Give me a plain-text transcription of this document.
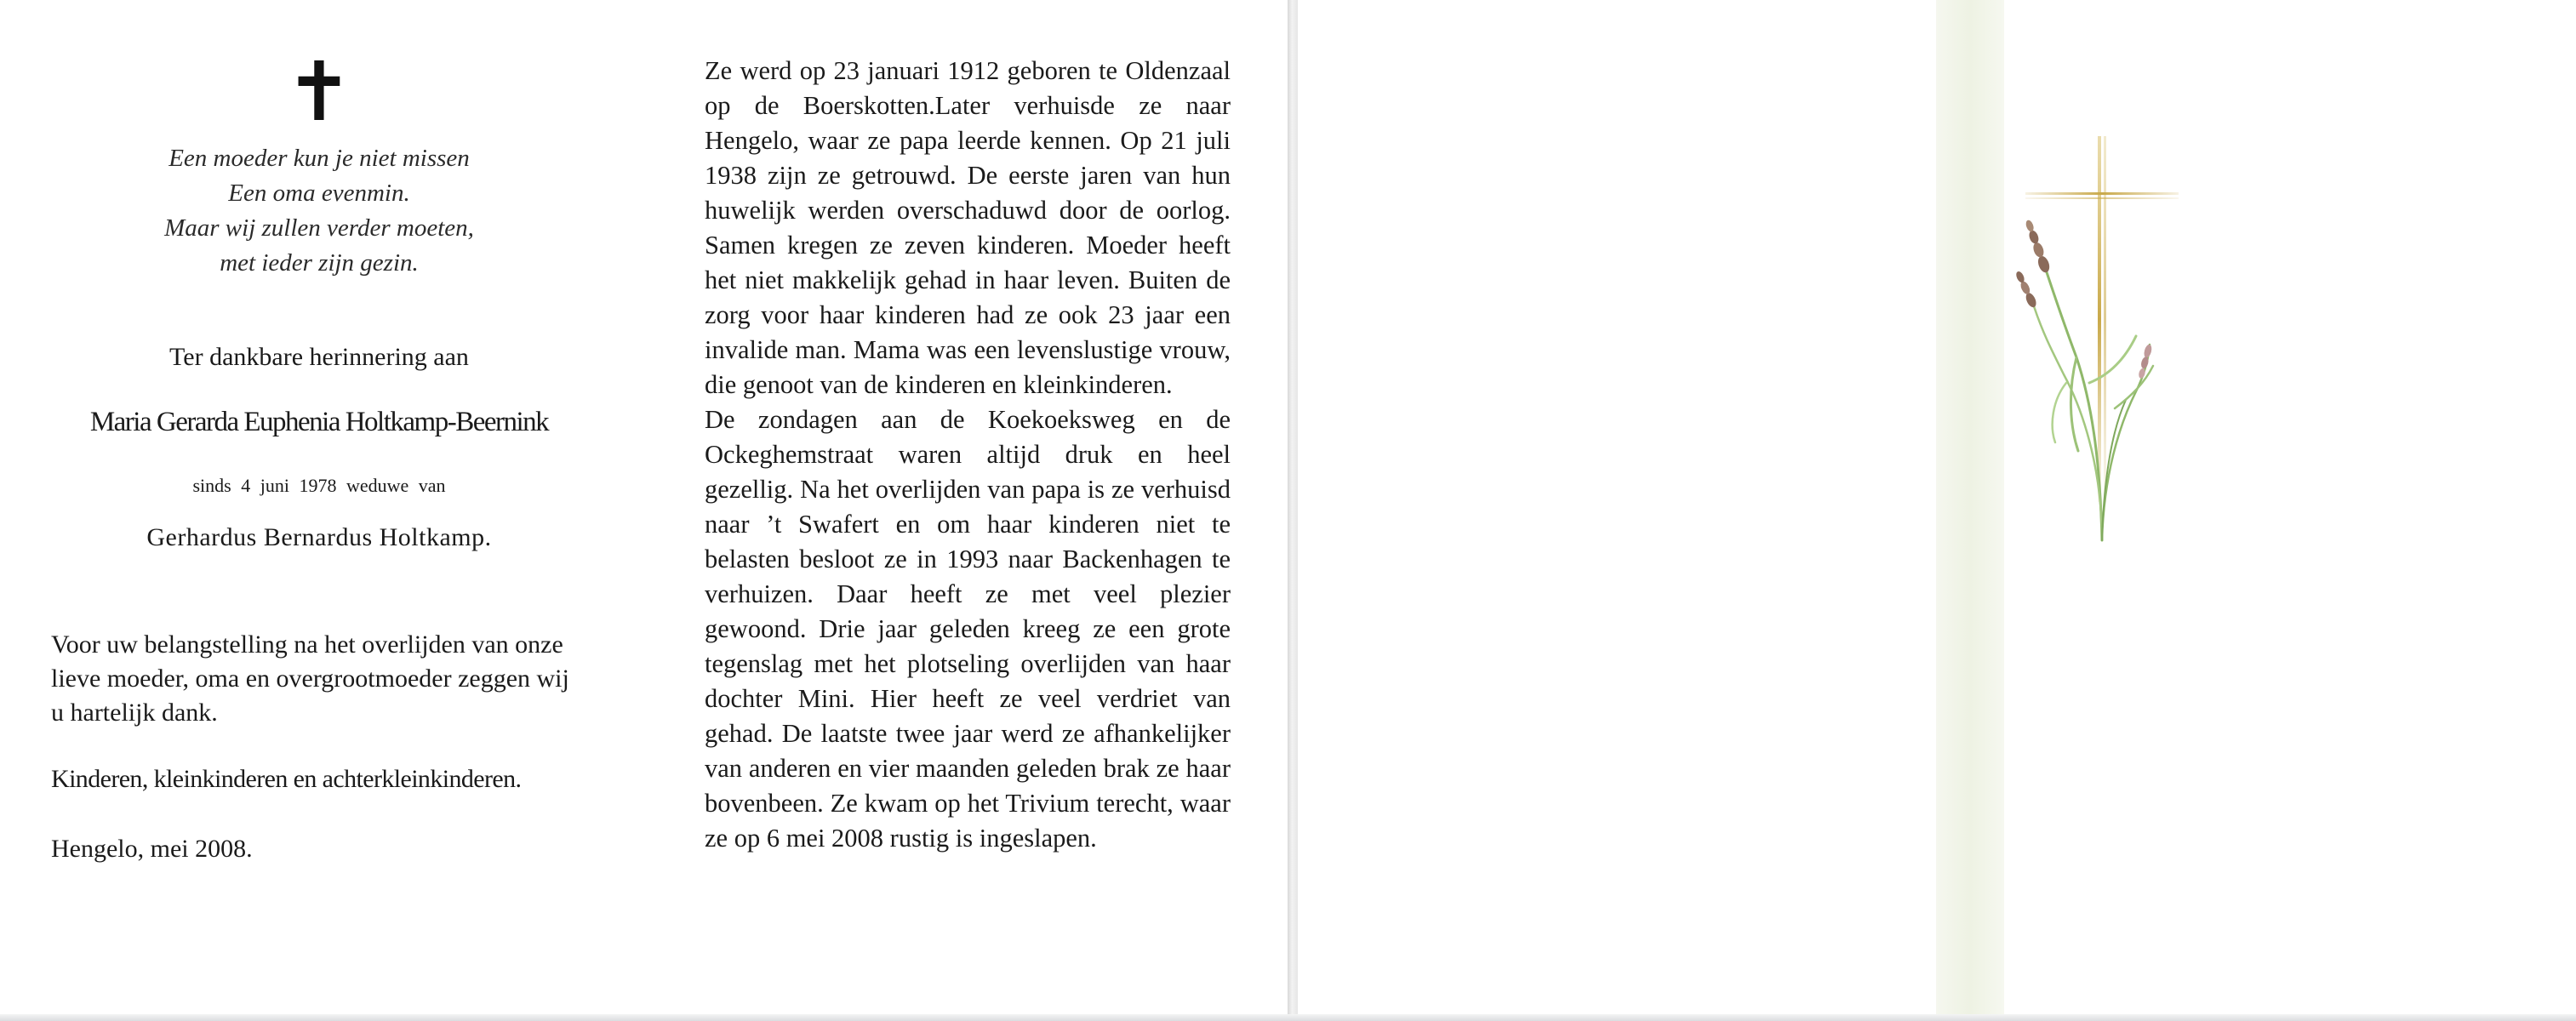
✝
Een moeder kun je niet missen
Een oma evenmin.
Maar wij zullen verder moeten,
met ieder zijn gezin.
Ter dankbare herinnering aan
Maria Gerarda Euphenia Holtkamp-Beernink
sinds 4 juni 1978 weduwe van
Gerhardus Bernardus Holtkamp.
Voor uw belangstelling na het overlijden van onze lieve moeder, oma en overgrootmoeder zeggen wij u hartelijk dank.
Kinderen, kleinkinderen en achterkleinkinderen.
Hengelo, mei 2008.

Ze werd op 23 januari 1912 geboren te Oldenzaal op de Boerskotten.Later verhuisde ze naar Hengelo, waar ze papa leerde kennen. Op 21 juli 1938 zijn ze getrouwd. De eerste jaren van hun huwelijk werden overschaduwd door de oorlog. Samen kregen ze zeven kinderen. Moeder heeft het niet makkelijk gehad in haar leven. Buiten de zorg voor haar kinderen had ze ook 23 jaar een invalide man. Mama was een levenslustige vrouw, die genoot van de kinderen en kleinkinderen.

De zondagen aan de Koekoeksweg en de Ockeghemstraat waren altijd druk en heel gezellig. Na het overlijden van papa is ze verhuisd naar ’t Swafert en om haar kinderen niet te belasten besloot ze in 1993 naar Backenhagen te verhuizen. Daar heeft ze met veel plezier gewoond. Drie jaar geleden kreeg ze een grote tegenslag met het plotseling overlijden van haar dochter Mini. Hier heeft ze veel verdriet van gehad. De laatste twee jaar werd ze afhankelijker van anderen en vier maanden geleden brak ze haar bovenbeen. Ze kwam op het Trivium terecht, waar ze op 6 mei 2008 rustig is ingeslapen.
